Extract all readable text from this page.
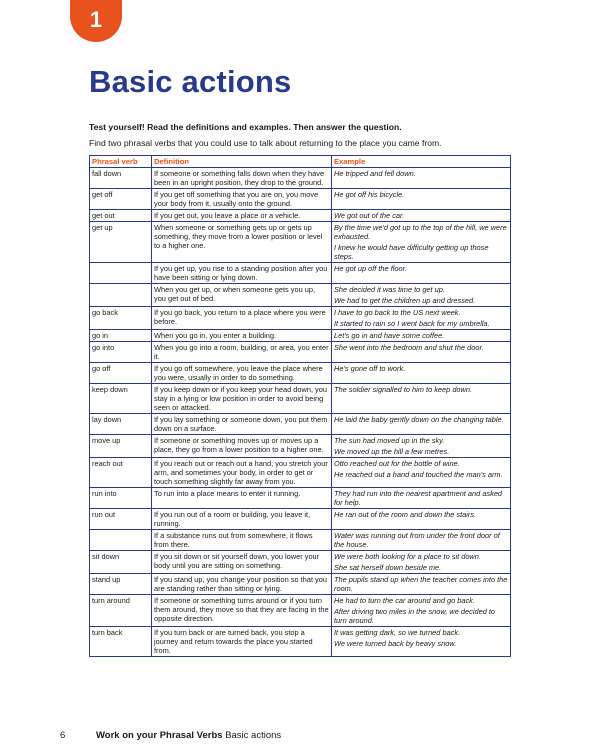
1
Basic actions
Test yourself! Read the definitions and examples. Then answer the question.
Find two phrasal verbs that you could use to talk about returning to the place you came from.
Phrasal verb	Definition	Example
fall down	If someone or something falls down when they have been in an upright position, they drop to the ground.	He tripped and fell down.

get off	If you get off something that you are on, you move your body from it, usually onto the ground.	He got off his bicycle.

get out	If you get out, you leave a place or a vehicle.	We got out of the car.

get up	When someone or something gets up or gets up something, they move from a lower position or level to a higher one.	By the time we'd got up to the top of the hill, we were exhausted.
I knew he would have difficulty getting up those steps.

	If you get up, you rise to a standing position after you have been sitting or lying down.	He got up off the floor.

	When you get up, or when someone gets you up, you get out of bed.	She decided it was time to get up.
We had to get the children up and dressed.

go back	If you go back, you return to a place where you were before.	I have to go back to the US next week.
It started to rain so I went back for my umbrella.

go in	When you go in, you enter a building.	Let's go in and have some coffee.

go into	When you go into a room, building, or area, you enter it.	She went into the bedroom and shut the door.

go off	If you go off somewhere, you leave the place where you were, usually in order to do something.	He's gone off to work.

keep down	If you keep down or if you keep your head down, you stay in a lying or low position in order to avoid being seen or attacked.	The soldier signalled to him to keep down.

lay down	If you lay something or someone down, you put them down on a surface.	He laid the baby gently down on the changing table.

move up	If someone or something moves up or moves up a place, they go from a lower position to a higher one.	The sun had moved up in the sky.
We moved up the hill a few metres.

reach out	If you reach out or reach out a hand, you stretch your arm, and sometimes your body, in order to get or touch something slightly far away from you.	Otto reached out for the bottle of wine.
He reached out a hand and touched the man's arm.

run into	To run into a place means to enter it running.	They had run into the nearest apartment and asked for help.

run out	If you run out of a room or building, you leave it, running.	He ran out of the room and down the stairs.

	If a substance runs out from somewhere, it flows from there.	Water was running out from under the front door of the house.

sit down	If you sit down or sit yourself down, you lower your body until you are sitting on something.	We were both looking for a place to sit down.
She sat herself down beside me.

stand up	If you stand up, you change your position so that you are standing rather than sitting or lying.	The pupils stand up when the teacher comes into the room.

turn around	If someone or something turns around or if you turn them around, they move so that they are facing in the opposite direction.	He had to turn the car around and go back.
After driving two miles in the snow, we decided to turn around.

turn back	If you turn back or are turned back, you stop a journey and return towards the place you started from.	It was getting dark, so we turned back.
We were turned back by heavy snow.
6	Work on your Phrasal Verbs Basic actions
